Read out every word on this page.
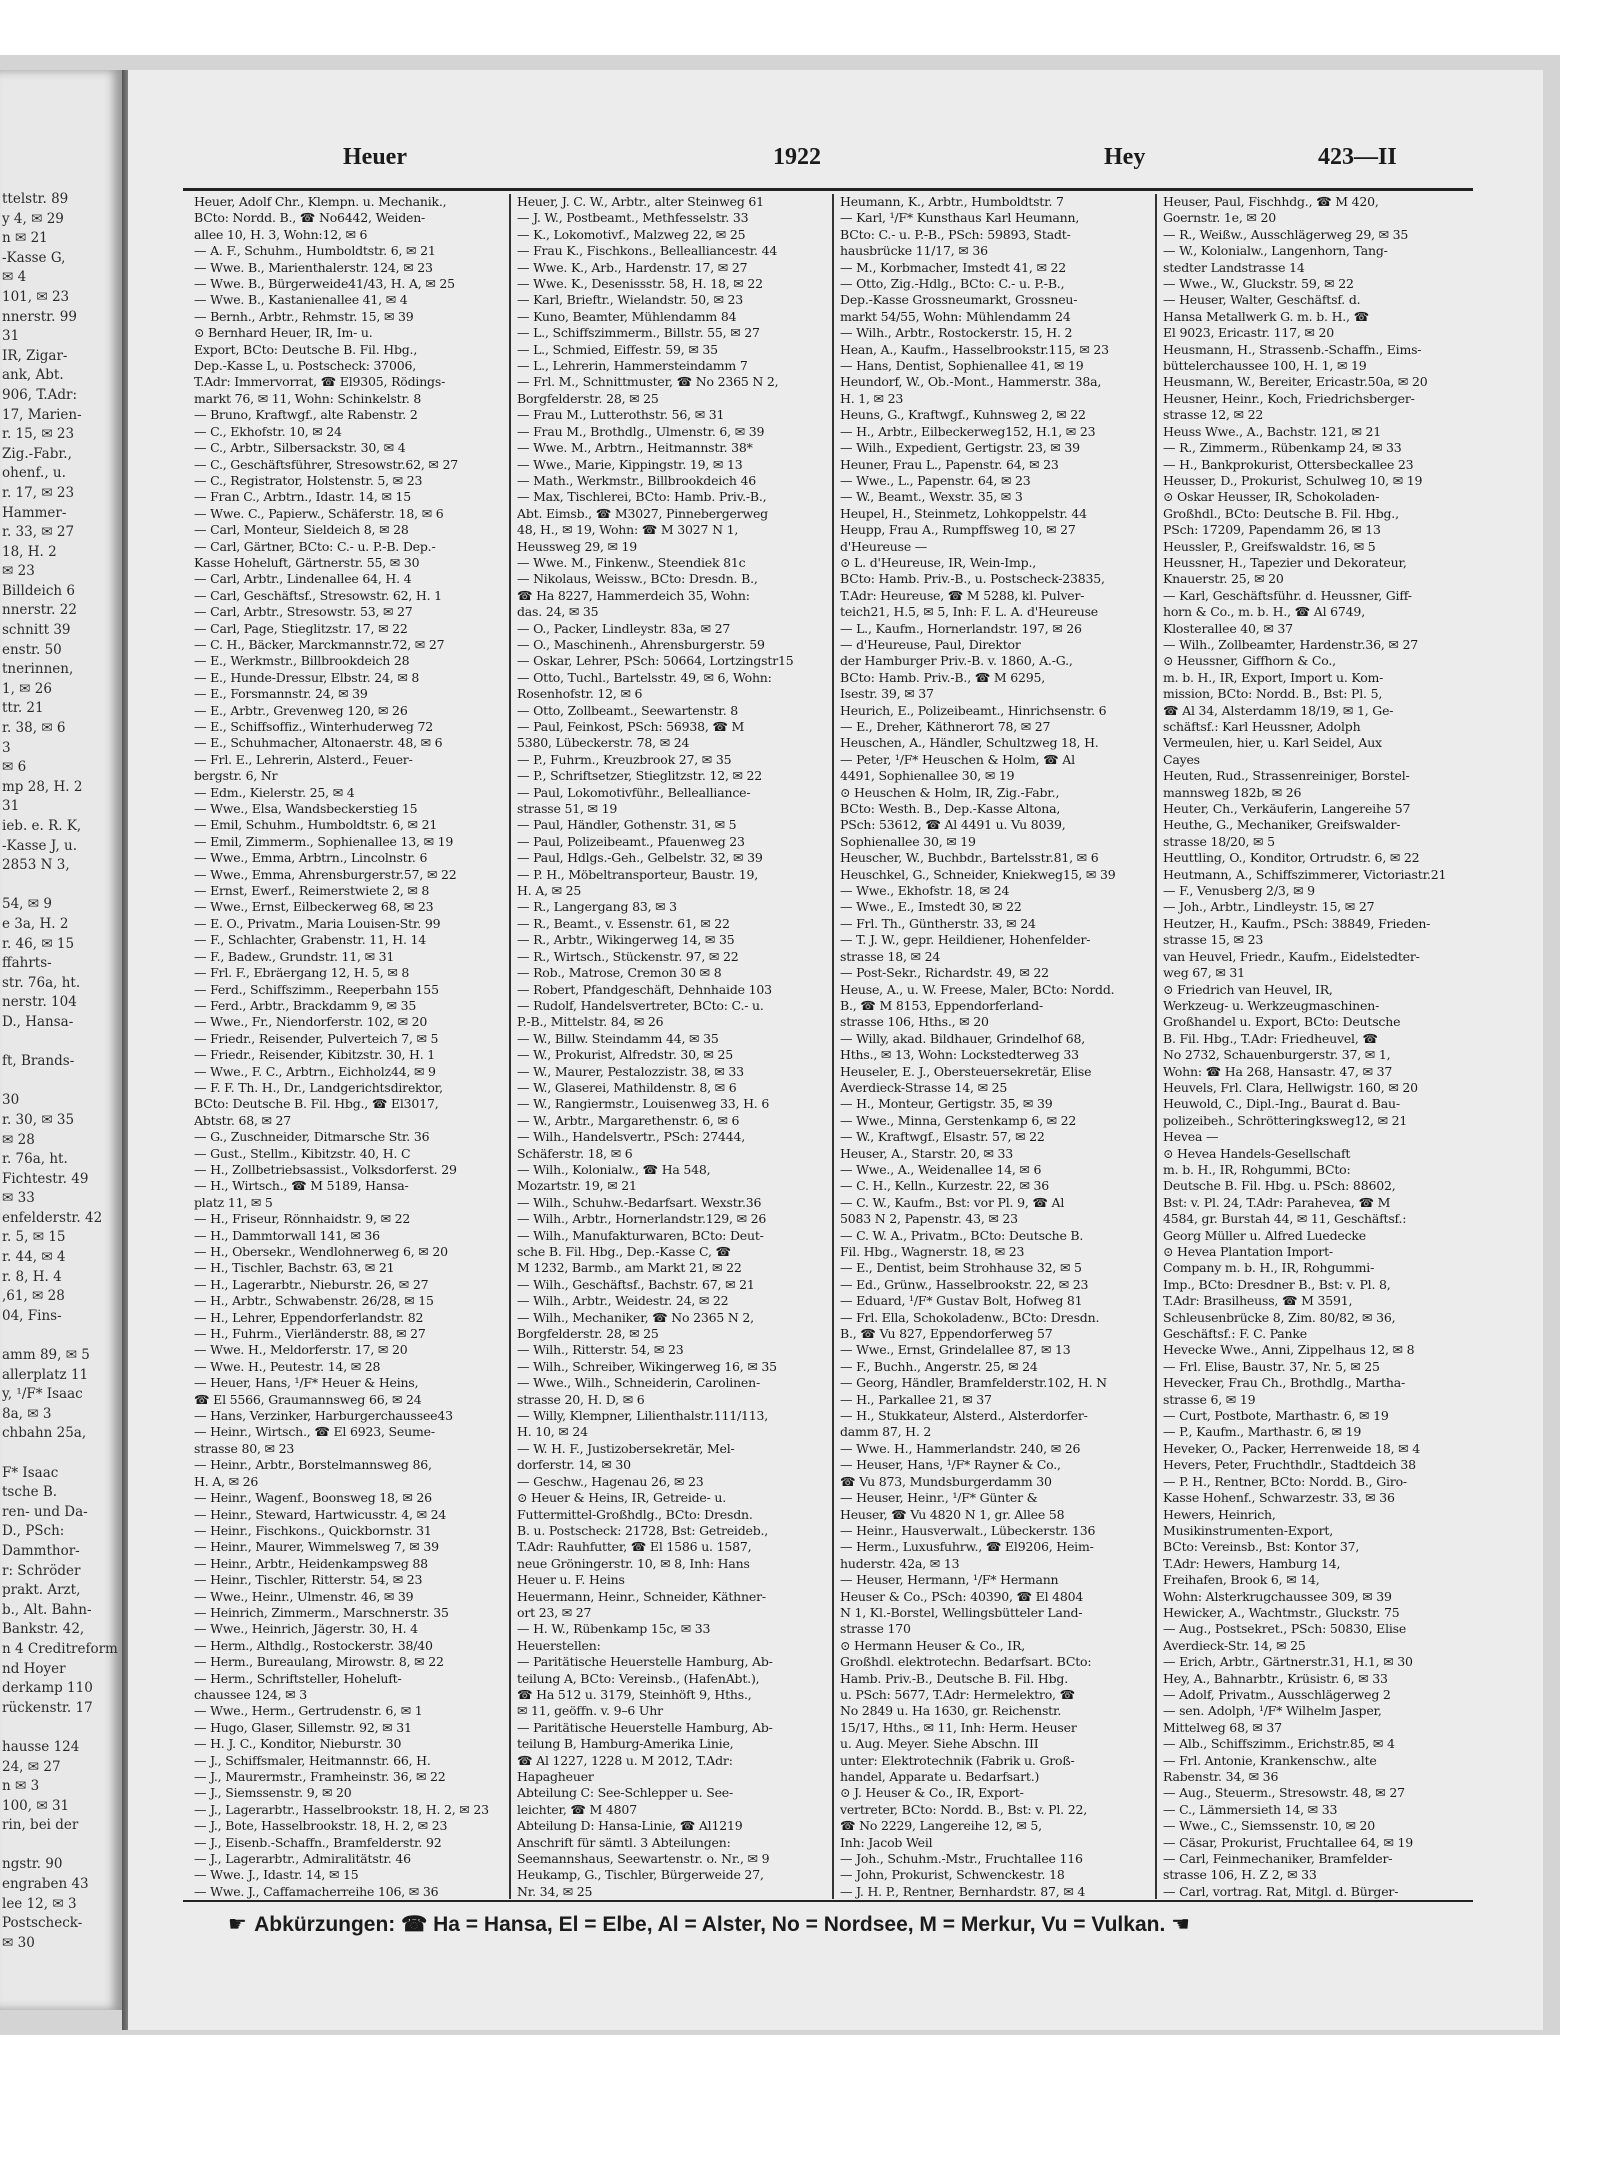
ttelstr. 89
y 4, ✉ 29
n ✉ 21
-Kasse G,
✉ 4
101, ✉ 23
nnerstr. 99
31
IR, Zigar-
ank, Abt.
906, T.Adr:
17, Marien-
r. 15, ✉ 23
Zig.-Fabr.,
ohenf., u.
r. 17, ✉ 23
Hammer-
r. 33, ✉ 27
18, H. 2
✉ 23
Billdeich 6
nnerstr. 22
schnitt 39
enstr. 50
tnerinnen,
1, ✉ 26
ttr. 21
r. 38, ✉ 6
3
✉ 6
mp 28, H. 2
31
ieb. e. R. K,
-Kasse J, u.
2853 N 3,

54, ✉ 9
e 3a, H. 2
r. 46, ✉ 15
ffahrts-
str. 76a, ht.
nerstr. 104
D., Hansa-

ft, Brands-

30
r. 30, ✉ 35
✉ 28
r. 76a, ht.
Fichtestr. 49
✉ 33
enfelderstr. 42
r. 5, ✉ 15
r. 44, ✉ 4
r. 8, H. 4
,61, ✉ 28
04, Fins-

amm 89, ✉ 5
allerplatz 11
y, ¹/F* Isaac
8a, ✉ 3
chbahn 25a,

F* Isaac
tsche B.
ren- und Da-
D., PSch:
Dammthor-
r: Schröder
prakt. Arzt,
b., Alt. Bahn-
Bankstr. 42,
n 4 Creditreform
nd Hoyer
derkamp 110
rückenstr. 17

hausse 124
24, ✉ 27
n ✉ 3
100, ✉ 31
rin, bei der

ngstr. 90
engraben 43
lee 12, ✉ 3
Postscheck-
✉ 30
Heuer	1922	Hey	423—II
Heuer, Adolf Chr., Klempn. u. Mechanik.,
BCto: Nordd. B., ☎ No6442, Weiden-
allee 10, H. 3, Wohn:12, ✉ 6
— A. F., Schuhm., Humboldtstr. 6, ✉ 21
— Wwe. B., Marienthalerstr. 124, ✉ 23
— Wwe. B., Bürgerweide41/43, H. A, ✉ 25
— Wwe. B., Kastanienallee 41, ✉ 4
— Bernh., Arbtr., Rehmstr. 15, ✉ 39
⊙ Bernhard Heuer, IR, Im- u.
Export, BCto: Deutsche B. Fil. Hbg.,
Dep.-Kasse L, u. Postscheck: 37006,
T.Adr: Immervorrat, ☎ El9305, Rödings-
markt 76, ✉ 11, Wohn: Schinkelstr. 8
— Bruno, Kraftwgf., alte Rabenstr. 2
— C., Ekhofstr. 10, ✉ 24
— C., Arbtr., Silbersackstr. 30, ✉ 4
— C., Geschäftsführer, Stresowstr.62, ✉ 27
— C., Registrator, Holstenstr. 5, ✉ 23
— Fran C., Arbtrn., Idastr. 14, ✉ 15
— Wwe. C., Papierw., Schäferstr. 18, ✉ 6
— Carl, Monteur, Sieldeich 8, ✉ 28
— Carl, Gärtner, BCto: C.- u. P.-B. Dep.-
Kasse Hoheluft, Gärtnerstr. 55, ✉ 30
— Carl, Arbtr., Lindenallee 64, H. 4
— Carl, Geschäftsf., Stresowstr. 62, H. 1
— Carl, Arbtr., Stresowstr. 53, ✉ 27
— Carl, Page, Stieglitzstr. 17, ✉ 22
— C. H., Bäcker, Marckmannstr.72, ✉ 27
— E., Werkmstr., Billbrookdeich 28
— E., Hunde-Dressur, Elbstr. 24, ✉ 8
— E., Forsmannstr. 24, ✉ 39
— E., Arbtr., Grevenweg 120, ✉ 26
— E., Schiffsoffiz., Winterhuderweg 72
— E., Schuhmacher, Altonaerstr. 48, ✉ 6
— Frl. E., Lehrerin, Alsterd., Feuer-
bergstr. 6, Nr
— Edm., Kielerstr. 25, ✉ 4
— Wwe., Elsa, Wandsbeckerstieg 15
— Emil, Schuhm., Humboldtstr. 6, ✉ 21
— Emil, Zimmerm., Sophienallee 13, ✉ 19
— Wwe., Emma, Arbtrn., Lincolnstr. 6
— Wwe., Emma, Ahrensburgerstr.57, ✉ 22
— Ernst, Ewerf., Reimerstwiete 2, ✉ 8
— Wwe., Ernst, Eilbeckerweg 68, ✉ 23
— E. O., Privatm., Maria Louisen-Str. 99
— F., Schlachter, Grabenstr. 11, H. 14
— F., Badew., Grundstr. 11, ✉ 31
— Frl. F., Ebräergang 12, H. 5, ✉ 8
— Ferd., Schiffszimm., Reeperbahn 155
— Ferd., Arbtr., Brackdamm 9, ✉ 35
— Wwe., Fr., Niendorferstr. 102, ✉ 20
— Friedr., Reisender, Pulverteich 7, ✉ 5
— Friedr., Reisender, Kibitzstr. 30, H. 1
— Wwe., F. C., Arbtrn., Eichholz44, ✉ 9
— F. F. Th. H., Dr., Landgerichtsdirektor,
BCto: Deutsche B. Fil. Hbg., ☎ El3017,
Abtstr. 68, ✉ 27
— G., Zuschneider, Ditmarsche Str. 36
— Gust., Stellm., Kibitzstr. 40, H. C
— H., Zollbetriebsassist., Volksdorferst. 29
— H., Wirtsch., ☎ M 5189, Hansa-
platz 11, ✉ 5
— H., Friseur, Rönnhaidstr. 9, ✉ 22
— H., Dammtorwall 141, ✉ 36
— H., Obersekr., Wendlohnerweg 6, ✉ 20
— H., Tischler, Bachstr. 63, ✉ 21
— H., Lagerarbtr., Nieburstr. 26, ✉ 27
— H., Arbtr., Schwabenstr. 26/28, ✉ 15
— H., Lehrer, Eppendorferlandstr. 82
— H., Fuhrm., Vierländerstr. 88, ✉ 27
— Wwe. H., Meldorferstr. 17, ✉ 20
— Wwe. H., Peutestr. 14, ✉ 28
— Heuer, Hans, ¹/F* Heuer & Heins,
☎ El 5566, Graumannsweg 66, ✉ 24
— Hans, Verzinker, Harburgerchaussee43
— Heinr., Wirtsch., ☎ El 6923, Seume-
strasse 80, ✉ 23
— Heinr., Arbtr., Borstelmannsweg 86,
H. A, ✉ 26
— Heinr., Wagenf., Boonsweg 18, ✉ 26
— Heinr., Steward, Hartwicusstr. 4, ✉ 24
— Heinr., Fischkons., Quickbornstr. 31
— Heinr., Maurer, Wimmelsweg 7, ✉ 39
— Heinr., Arbtr., Heidenkampsweg 88
— Heinr., Tischler, Ritterstr. 54, ✉ 23
— Wwe., Heinr., Ulmenstr. 46, ✉ 39
— Heinrich, Zimmerm., Marschnerstr. 35
— Wwe., Heinrich, Jägerstr. 30, H. 4
— Herm., Althdlg., Rostockerstr. 38/40
— Herm., Bureaulang, Mirowstr. 8, ✉ 22
— Herm., Schriftsteller, Hoheluft-
chaussee 124, ✉ 3
— Wwe., Herm., Gertrudenstr. 6, ✉ 1
— Hugo, Glaser, Sillemstr. 92, ✉ 31
— H. J. C., Konditor, Nieburstr. 30
— J., Schiffsmaler, Heitmannstr. 66, H.
— J., Maurermstr., Framheinstr. 36, ✉ 22
— J., Siemssenstr. 9, ✉ 20
— J., Lagerarbtr., Hasselbrookstr. 18, H. 2, ✉ 23
— J., Bote, Hasselbrookstr. 18, H. 2, ✉ 23
— J., Eisenb.-Schaffn., Bramfelderstr. 92
— J., Lagerarbtr., Admiralitätstr. 46
— Wwe. J., Idastr. 14, ✉ 15
— Wwe. J., Caffamacherreihe 106, ✉ 36
Heuer, J. C. W., Arbtr., alter Steinweg 61
— J. W., Postbeamt., Methfesselstr. 33
— K., Lokomotivf., Malzweg 22, ✉ 25
— Frau K., Fischkons., Bellealliancestr. 44
— Wwe. K., Arb., Hardenstr. 17, ✉ 27
— Wwe. K., Desenissstr. 58, H. 18, ✉ 22
— Karl, Brieftr., Wielandstr. 50, ✉ 23
— Kuno, Beamter, Mühlendamm 84
— L., Schiffszimmerm., Billstr. 55, ✉ 27
— L., Schmied, Eiffestr. 59, ✉ 35
— L., Lehrerin, Hammersteindamm 7
— Frl. M., Schnittmuster, ☎ No 2365 N 2,
Borgfelderstr. 28, ✉ 25
— Frau M., Lutterothstr. 56, ✉ 31
— Frau M., Brothdlg., Ulmenstr. 6, ✉ 39
— Wwe. M., Arbtrn., Heitmannstr. 38*
— Wwe., Marie, Kippingstr. 19, ✉ 13
— Math., Werkmstr., Billbrookdeich 46
— Max, Tischlerei, BCto: Hamb. Priv.-B.,
Abt. Eimsb., ☎ M3027, Pinnebergerweg
48, H., ✉ 19, Wohn: ☎ M 3027 N 1,
Heussweg 29, ✉ 19
— Wwe. M., Finkenw., Steendiek 81c
— Nikolaus, Weissw., BCto: Dresdn. B.,
☎ Ha 8227, Hammerdeich 35, Wohn:
das. 24, ✉ 35
— O., Packer, Lindleystr. 83a, ✉ 27
— O., Maschinenh., Ahrensburgerstr. 59
— Oskar, Lehrer, PSch: 50664, Lortzingstr15
— Otto, Tuchl., Bartelsstr. 49, ✉ 6, Wohn:
Rosenhofstr. 12, ✉ 6
— Otto, Zollbeamt., Seewartenstr. 8
— Paul, Feinkost, PSch: 56938, ☎ M
5380, Lübeckerstr. 78, ✉ 24
— P., Fuhrm., Kreuzbrook 27, ✉ 35
— P., Schriftsetzer, Stieglitzstr. 12, ✉ 22
— Paul, Lokomotivführ., Bellealliance-
strasse 51, ✉ 19
— Paul, Händler, Gothenstr. 31, ✉ 5
— Paul, Polizeibeamt., Pfauenweg 23
— Paul, Hdlgs.-Geh., Gelbelstr. 32, ✉ 39
— P. H., Möbeltransporteur, Baustr. 19,
H. A, ✉ 25
— R., Langergang 83, ✉ 3
— R., Beamt., v. Essenstr. 61, ✉ 22
— R., Arbtr., Wikingerweg 14, ✉ 35
— R., Wirtsch., Stückenstr. 97, ✉ 22
— Rob., Matrose, Cremon 30 ✉ 8
— Robert, Pfandgeschäft, Dehnhaide 103
— Rudolf, Handelsvertreter, BCto: C.- u.
P.-B., Mittelstr. 84, ✉ 26
— W., Billw. Steindamm 44, ✉ 35
— W., Prokurist, Alfredstr. 30, ✉ 25
— W., Maurer, Pestalozzistr. 38, ✉ 33
— W., Glaserei, Mathildenstr. 8, ✉ 6
— W., Rangiermstr., Louisenweg 33, H. 6
— W., Arbtr., Margarethenstr. 6, ✉ 6
— Wilh., Handelsvertr., PSch: 27444,
Schäferstr. 18, ✉ 6
— Wilh., Kolonialw., ☎ Ha 548,
Mozartstr. 19, ✉ 21
— Wilh., Schuhw.-Bedarfsart. Wexstr.36
— Wilh., Arbtr., Hornerlandstr.129, ✉ 26
— Wilh., Manufakturwaren, BCto: Deut-
sche B. Fil. Hbg., Dep.-Kasse C, ☎
M 1232, Barmb., am Markt 21, ✉ 22
— Wilh., Geschäftsf., Bachstr. 67, ✉ 21
— Wilh., Arbtr., Weidestr. 24, ✉ 22
— Wilh., Mechaniker, ☎ No 2365 N 2,
Borgfelderstr. 28, ✉ 25
— Wilh., Ritterstr. 54, ✉ 23
— Wilh., Schreiber, Wikingerweg 16, ✉ 35
— Wwe., Wilh., Schneiderin, Carolinen-
strasse 20, H. D, ✉ 6
— Willy, Klempner, Lilienthalstr.111/113,
H. 10, ✉ 24
— W. H. F., Justizobersekretär, Mel-
dorferstr. 14, ✉ 30
— Geschw., Hagenau 26, ✉ 23
⊙ Heuer & Heins, IR, Getreide- u.
Futtermittel-Großhdlg., BCto: Dresdn.
B. u. Postscheck: 21728, Bst: Getreideb.,
T.Adr: Rauhfutter, ☎ El 1586 u. 1587,
neue Gröningerstr. 10, ✉ 8, Inh: Hans
Heuer u. F. Heins
Heuermann, Heinr., Schneider, Käthner-
ort 23, ✉ 27
— H. W., Rübenkamp 15c, ✉ 33
Heuerstellen:
— Paritätische Heuerstelle Hamburg, Ab-
teilung A, BCto: Vereinsb., (HafenAbt.),
☎ Ha 512 u. 3179, Steinhöft 9, Hths.,
✉ 11, geöffn. v. 9–6 Uhr
— Paritätische Heuerstelle Hamburg, Ab-
teilung B, Hamburg-Amerika Linie,
☎ Al 1227, 1228 u. M 2012, T.Adr:
Hapagheuer
Abteilung C: See-Schlepper u. See-
leichter, ☎ M 4807
Abteilung D: Hansa-Linie, ☎ Al1219
Anschrift für sämtl. 3 Abteilungen:
Seemannshaus, Seewartenstr. o. Nr., ✉ 9
Heukamp, G., Tischler, Bürgerweide 27,
Nr. 34, ✉ 25
Heumann, K., Arbtr., Humboldtstr. 7
— Karl, ¹/F* Kunsthaus Karl Heumann,
BCto: C.- u. P.-B., PSch: 59893, Stadt-
hausbrücke 11/17, ✉ 36
— M., Korbmacher, Imstedt 41, ✉ 22
— Otto, Zig.-Hdlg., BCto: C.- u. P.-B.,
Dep.-Kasse Grossneumarkt, Grossneu-
markt 54/55, Wohn: Mühlendamm 24
— Wilh., Arbtr., Rostockerstr. 15, H. 2
Hean, A., Kaufm., Hasselbrookstr.115, ✉ 23
— Hans, Dentist, Sophienallee 41, ✉ 19
Heundorf, W., Ob.-Mont., Hammerstr. 38a,
H. 1, ✉ 23
Heuns, G., Kraftwgf., Kuhnsweg 2, ✉ 22
— H., Arbtr., Eilbeckerweg152, H.1, ✉ 23
— Wilh., Expedient, Gertigstr. 23, ✉ 39
Heuner, Frau L., Papenstr. 64, ✉ 23
— Wwe., L., Papenstr. 64, ✉ 23
— W., Beamt., Wexstr. 35, ✉ 3
Heupel, H., Steinmetz, Lohkoppelstr. 44
Heupp, Frau A., Rumpffsweg 10, ✉ 27
d'Heureuse —
⊙ L. d'Heureuse, IR, Wein-Imp.,
BCto: Hamb. Priv.-B., u. Postscheck-23835,
T.Adr: Heureuse, ☎ M 5288, kl. Pulver-
teich21, H.5, ✉ 5, Inh: F. L. A. d'Heureuse
— L., Kaufm., Hornerlandstr. 197, ✉ 26
— d'Heureuse, Paul, Direktor
der Hamburger Priv.-B. v. 1860, A.-G.,
BCto: Hamb. Priv.-B., ☎ M 6295,
Isestr. 39, ✉ 37
Heurich, E., Polizeibeamt., Hinrichsenstr. 6
— E., Dreher, Käthnerort 78, ✉ 27
Heuschen, A., Händler, Schultzweg 18, H.
— Peter, ¹/F* Heuschen & Holm, ☎ Al
4491, Sophienallee 30, ✉ 19
⊙ Heuschen & Holm, IR, Zig.-Fabr.,
BCto: Westh. B., Dep.-Kasse Altona,
PSch: 53612, ☎ Al 4491 u. Vu 8039,
Sophienallee 30, ✉ 19
Heuscher, W., Buchbdr., Bartelsstr.81, ✉ 6
Heuschkel, G., Schneider, Kniekweg15, ✉ 39
— Wwe., Ekhofstr. 18, ✉ 24
— Wwe., E., Imstedt 30, ✉ 22
— Frl. Th., Güntherstr. 33, ✉ 24
— T. J. W., gepr. Heildiener, Hohenfelder-
strasse 18, ✉ 24
— Post-Sekr., Richardstr. 49, ✉ 22
Heuse, A., u. W. Freese, Maler, BCto: Nordd.
B., ☎ M 8153, Eppendorferland-
strasse 106, Hths., ✉ 20
— Willy, akad. Bildhauer, Grindelhof 68,
Hths., ✉ 13, Wohn: Lockstedterweg 33
Heuseler, E. J., Obersteuersekretär, Elise
Averdieck-Strasse 14, ✉ 25
— H., Monteur, Gertigstr. 35, ✉ 39
— Wwe., Minna, Gerstenkamp 6, ✉ 22
— W., Kraftwgf., Elsastr. 57, ✉ 22
Heuser, A., Starstr. 20, ✉ 33
— Wwe., A., Weidenallee 14, ✉ 6
— C. H., Kelln., Kurzestr. 22, ✉ 36
— C. W., Kaufm., Bst: vor Pl. 9, ☎ Al
5083 N 2, Papenstr. 43, ✉ 23
— C. W. A., Privatm., BCto: Deutsche B.
Fil. Hbg., Wagnerstr. 18, ✉ 23
— E., Dentist, beim Strohhause 32, ✉ 5
— Ed., Grünw., Hasselbrookstr. 22, ✉ 23
— Eduard, ¹/F* Gustav Bolt, Hofweg 81
— Frl. Ella, Schokoladenw., BCto: Dresdn.
B., ☎ Vu 827, Eppendorferweg 57
— Wwe., Ernst, Grindelallee 87, ✉ 13
— F., Buchh., Angerstr. 25, ✉ 24
— Georg, Händler, Bramfelderstr.102, H. N
— H., Parkallee 21, ✉ 37
— H., Stukkateur, Alsterd., Alsterdorfer-
damm 87, H. 2
— Wwe. H., Hammerlandstr. 240, ✉ 26
— Heuser, Hans, ¹/F* Rayner & Co.,
☎ Vu 873, Mundsburgerdamm 30
— Heuser, Heinr., ¹/F* Günter &
Heuser, ☎ Vu 4820 N 1, gr. Allee 58
— Heinr., Hausverwalt., Lübeckerstr. 136
— Herm., Luxusfuhrw., ☎ El9206, Heim-
huderstr. 42a, ✉ 13
— Heuser, Hermann, ¹/F* Hermann
Heuser & Co., PSch: 40390, ☎ El 4804
N 1, Kl.-Borstel, Wellingsbütteler Land-
strasse 170
⊙ Hermann Heuser & Co., IR,
Großhdl. elektrotechn. Bedarfsart. BCto:
Hamb. Priv.-B., Deutsche B. Fil. Hbg.
u. PSch: 5677, T.Adr: Hermelektro, ☎
No 2849 u. Ha 1630, gr. Reichenstr.
15/17, Hths., ✉ 11, Inh: Herm. Heuser
u. Aug. Meyer. Siehe Abschn. III
unter: Elektrotechnik (Fabrik u. Groß-
handel, Apparate u. Bedarfsart.)
⊙ J. Heuser & Co., IR, Export-
vertreter, BCto: Nordd. B., Bst: v. Pl. 22,
☎ No 2229, Langereihe 12, ✉ 5,
Inh: Jacob Weil
— Joh., Schuhm.-Mstr., Fruchtallee 116
— John, Prokurist, Schwenckestr. 18
— J. H. P., Rentner, Bernhardstr. 87, ✉ 4
Heuser, Paul, Fischhdg., ☎ M 420,
Goernstr. 1e, ✉ 20
— R., Weißw., Ausschlägerweg 29, ✉ 35
— W., Kolonialw., Langenhorn, Tang-
stedter Landstrasse 14
— Wwe., W., Gluckstr. 59, ✉ 22
— Heuser, Walter, Geschäftsf. d.
Hansa Metallwerk G. m. b. H., ☎
El 9023, Ericastr. 117, ✉ 20
Heusmann, H., Strassenb.-Schaffn., Eims-
büttelerchaussee 100, H. 1, ✉ 19
Heusmann, W., Bereiter, Ericastr.50a, ✉ 20
Heusner, Heinr., Koch, Friedrichsberger-
strasse 12, ✉ 22
Heuss Wwe., A., Bachstr. 121, ✉ 21
— R., Zimmerm., Rübenkamp 24, ✉ 33
— H., Bankprokurist, Ottersbeckallee 23
Heusser, D., Prokurist, Schulweg 10, ✉ 19
⊙ Oskar Heusser, IR, Schokoladen-
Großhdl., BCto: Deutsche B. Fil. Hbg.,
PSch: 17209, Papendamm 26, ✉ 13
Heussler, P., Greifswaldstr. 16, ✉ 5
Heussner, H., Tapezier und Dekorateur,
Knauerstr. 25, ✉ 20
— Karl, Geschäftsführ. d. Heussner, Giff-
horn & Co., m. b. H., ☎ Al 6749,
Klosterallee 40, ✉ 37
— Wilh., Zollbeamter, Hardenstr.36, ✉ 27
⊙ Heussner, Giffhorn & Co.,
m. b. H., IR, Export, Import u. Kom-
mission, BCto: Nordd. B., Bst: Pl. 5,
☎ Al 34, Alsterdamm 18/19, ✉ 1, Ge-
schäftsf.: Karl Heussner, Adolph
Vermeulen, hier, u. Karl Seidel, Aux
Cayes
Heuten, Rud., Strassenreiniger, Borstel-
mannsweg 182b, ✉ 26
Heuter, Ch., Verkäuferin, Langereihe 57
Heuthe, G., Mechaniker, Greifswalder-
strasse 18/20, ✉ 5
Heuttling, O., Konditor, Ortrudstr. 6, ✉ 22
Heutmann, A., Schiffszimmerer, Victoriastr.21
— F., Venusberg 2/3, ✉ 9
— Joh., Arbtr., Lindleystr. 15, ✉ 27
Heutzer, H., Kaufm., PSch: 38849, Frieden-
strasse 15, ✉ 23
van Heuvel, Friedr., Kaufm., Eidelstedter-
weg 67, ✉ 31
⊙ Friedrich van Heuvel, IR,
Werkzeug- u. Werkzeugmaschinen-
Großhandel u. Export, BCto: Deutsche
B. Fil. Hbg., T.Adr: Friedheuvel, ☎
No 2732, Schauenburgerstr. 37, ✉ 1,
Wohn: ☎ Ha 268, Hansastr. 47, ✉ 37
Heuvels, Frl. Clara, Hellwigstr. 160, ✉ 20
Heuwold, C., Dipl.-Ing., Baurat d. Bau-
polizeibeh., Schrötteringksweg12, ✉ 21
Hevea —
⊙ Hevea Handels-Gesellschaft
m. b. H., IR, Rohgummi, BCto:
Deutsche B. Fil. Hbg. u. PSch: 88602,
Bst: v. Pl. 24, T.Adr: Parahevea, ☎ M
4584, gr. Burstah 44, ✉ 11, Geschäftsf.:
Georg Müller u. Alfred Luedecke
⊙ Hevea Plantation Import-
Company m. b. H., IR, Rohgummi-
Imp., BCto: Dresdner B., Bst: v. Pl. 8,
T.Adr: Brasilheuss, ☎ M 3591,
Schleusenbrücke 8, Zim. 80/82, ✉ 36,
Geschäftsf.: F. C. Panke
Hevecke Wwe., Anni, Zippelhaus 12, ✉ 8
— Frl. Elise, Baustr. 37, Nr. 5, ✉ 25
Hevecker, Frau Ch., Brothdlg., Martha-
strasse 6, ✉ 19
— Curt, Postbote, Marthastr. 6, ✉ 19
— P., Kaufm., Marthastr. 6, ✉ 19
Heveker, O., Packer, Herrenweide 18, ✉ 4
Hevers, Peter, Fruchthdlr., Stadtdeich 38
— P. H., Rentner, BCto: Nordd. B., Giro-
Kasse Hohenf., Schwarzestr. 33, ✉ 36
Hewers, Heinrich,
Musikinstrumenten-Export,
BCto: Vereinsb., Bst: Kontor 37,
T.Adr: Hewers, Hamburg 14,
Freihafen, Brook 6, ✉ 14,
Wohn: Alsterkrugchaussee 309, ✉ 39
Hewicker, A., Wachtmstr., Gluckstr. 75
— Aug., Postsekret., PSch: 50830, Elise
Averdieck-Str. 14, ✉ 25
— Erich, Arbtr., Gärtnerstr.31, H.1, ✉ 30
Hey, A., Bahnarbtr., Krüsistr. 6, ✉ 33
— Adolf, Privatm., Ausschlägerweg 2
— sen. Adolph, ¹/F* Wilhelm Jasper,
Mittelweg 68, ✉ 37
— Alb., Schiffszimm., Erichstr.85, ✉ 4
— Frl. Antonie, Krankenschw., alte
Rabenstr. 34, ✉ 36
— Aug., Steuerm., Stresowstr. 48, ✉ 27
— C., Lämmersieth 14, ✉ 33
— Wwe., C., Siemssenstr. 10, ✉ 20
— Cäsar, Prokurist, Fruchtallee 64, ✉ 19
— Carl, Feinmechaniker, Bramfelder-
strasse 106, H. Z 2, ✉ 33
— Carl, vortrag. Rat, Mitgl. d. Bürger-
☛ Abkürzungen: ☎ Ha = Hansa, El = Elbe, Al = Alster, No = Nordsee, M = Merkur, Vu = Vulkan. ☚
